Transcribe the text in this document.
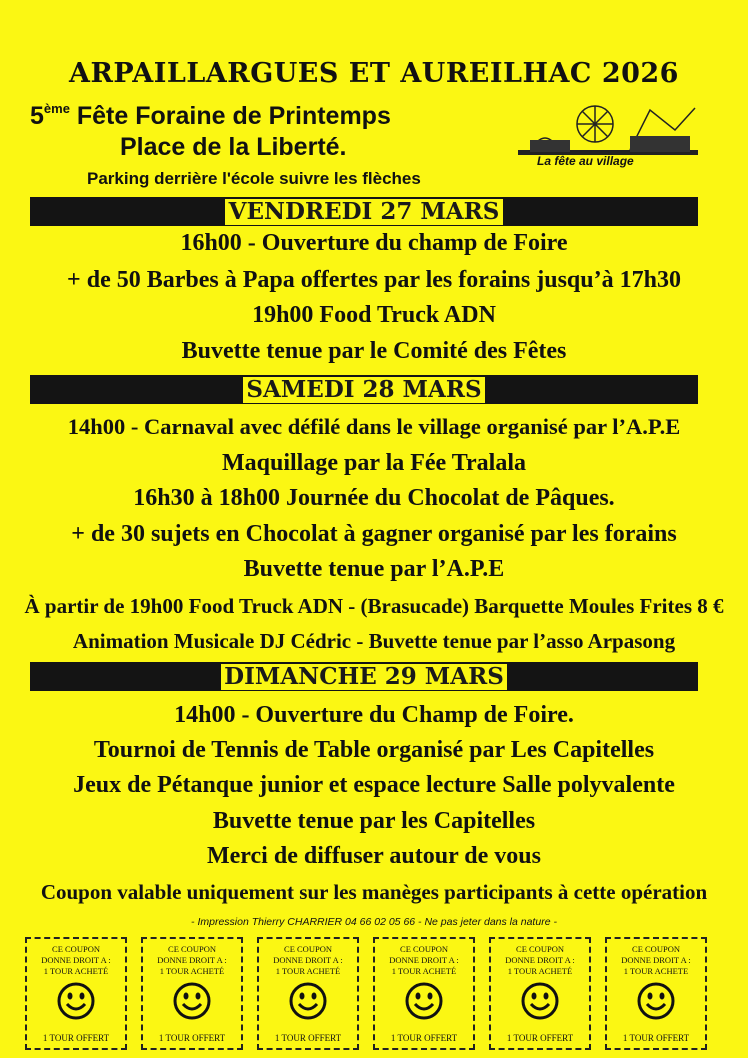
ARPAILLARGUES ET AUREILHAC 2026
5ème Fête Foraine de Printemps
Place de la Liberté.
Parking derrière l'école suivre les flèches
La fête au village
VENDREDI 27 MARS
16h00 - Ouverture du champ de Foire
+ de 50 Barbes à Papa offertes par les forains jusqu’à 17h30
19h00 Food Truck ADN
Buvette tenue par le Comité des Fêtes
SAMEDI 28 MARS
14h00 - Carnaval avec défilé dans le village organisé par l’A.P.E
Maquillage par la Fée Tralala
16h30 à 18h00 Journée du Chocolat de Pâques.
+ de 30 sujets en Chocolat à gagner organisé par les forains
Buvette tenue par l’A.P.E
À partir de 19h00 Food Truck ADN - (Brasucade) Barquette Moules Frites 8 €
Animation Musicale DJ Cédric - Buvette tenue par l’asso Arpasong
DIMANCHE 29 MARS
14h00 - Ouverture du Champ de Foire.
Tournoi de Tennis de Table organisé par Les Capitelles
Jeux de Pétanque junior et espace lecture Salle polyvalente
Buvette tenue par les Capitelles
Merci de diffuser autour de vous
Coupon valable uniquement sur les manèges participants à cette opération
- Impression Thierry CHARRIER 04 66 02 05 66 - Ne pas jeter dans la nature -
CE COUPON
DONNE DROIT A :
1 TOUR ACHETÉ
1 TOUR OFFERT
CE COUPON
DONNE DROIT A :
1 TOUR ACHETÉ
1 TOUR OFFERT
CE COUPON
DONNE DROIT A :
1 TOUR ACHETÉ
1 TOUR OFFERT
CE COUPON
DONNE DROIT A :
1 TOUR ACHETÉ
1 TOUR OFFERT
CE COUPON
DONNE DROIT A :
1 TOUR ACHETÉ
1 TOUR OFFERT
CE COUPON
DONNE DROIT A :
1 TOUR ACHETE
1 TOUR OFFERT
